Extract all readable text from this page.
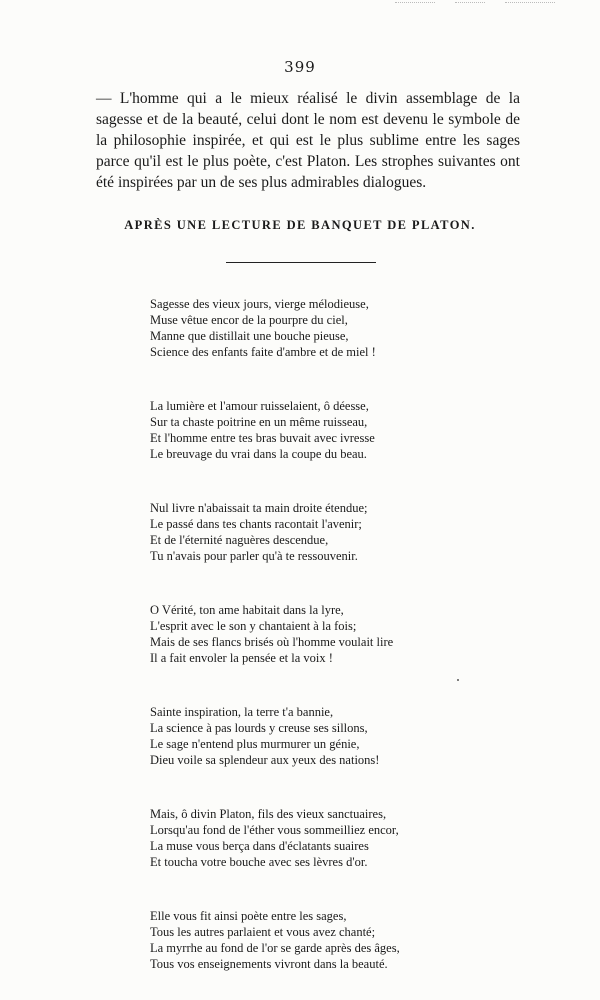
399
— L'homme qui a le mieux réalisé le divin assemblage de la sagesse et de la beauté, celui dont le nom est devenu le symbole de la philosophie inspirée, et qui est le plus sublime entre les sages parce qu'il est le plus poète, c'est Platon. Les strophes suivantes ont été inspirées par un de ses plus admirables dialogues.
APRÈS UNE LECTURE DE BANQUET DE PLATON.
Sagesse des vieux jours, vierge mélodieuse,
Muse vêtue encor de la pourpre du ciel,
Manne que distillait une bouche pieuse,
Science des enfants faite d'ambre et de miel !
La lumière et l'amour ruisselaient, ô déesse,
Sur ta chaste poitrine en un même ruisseau,
Et l'homme entre tes bras buvait avec ivresse
Le breuvage du vrai dans la coupe du beau.
Nul livre n'abaissait ta main droite étendue;
Le passé dans tes chants racontait l'avenir;
Et de l'éternité naguères descendue,
Tu n'avais pour parler qu'à te ressouvenir.
O Vérité, ton ame habitait dans la lyre,
L'esprit avec le son y chantaient à la fois;
Mais de ses flancs brisés où l'homme voulait lire
Il a fait envoler la pensée et la voix !
Sainte inspiration, la terre t'a bannie,
La science à pas lourds y creuse ses sillons,
Le sage n'entend plus murmurer un génie,
Dieu voile sa splendeur aux yeux des nations!
Mais, ô divin Platon, fils des vieux sanctuaires,
Lorsqu'au fond de l'éther vous sommeilliez encor,
La muse vous berça dans d'éclatants suaires
Et toucha votre bouche avec ses lèvres d'or.
Elle vous fit ainsi poète entre les sages,
Tous les autres parlaient et vous avez chanté;
La myrrhe au fond de l'or se garde après des âges,
Tous vos enseignements vivront dans la beauté.
